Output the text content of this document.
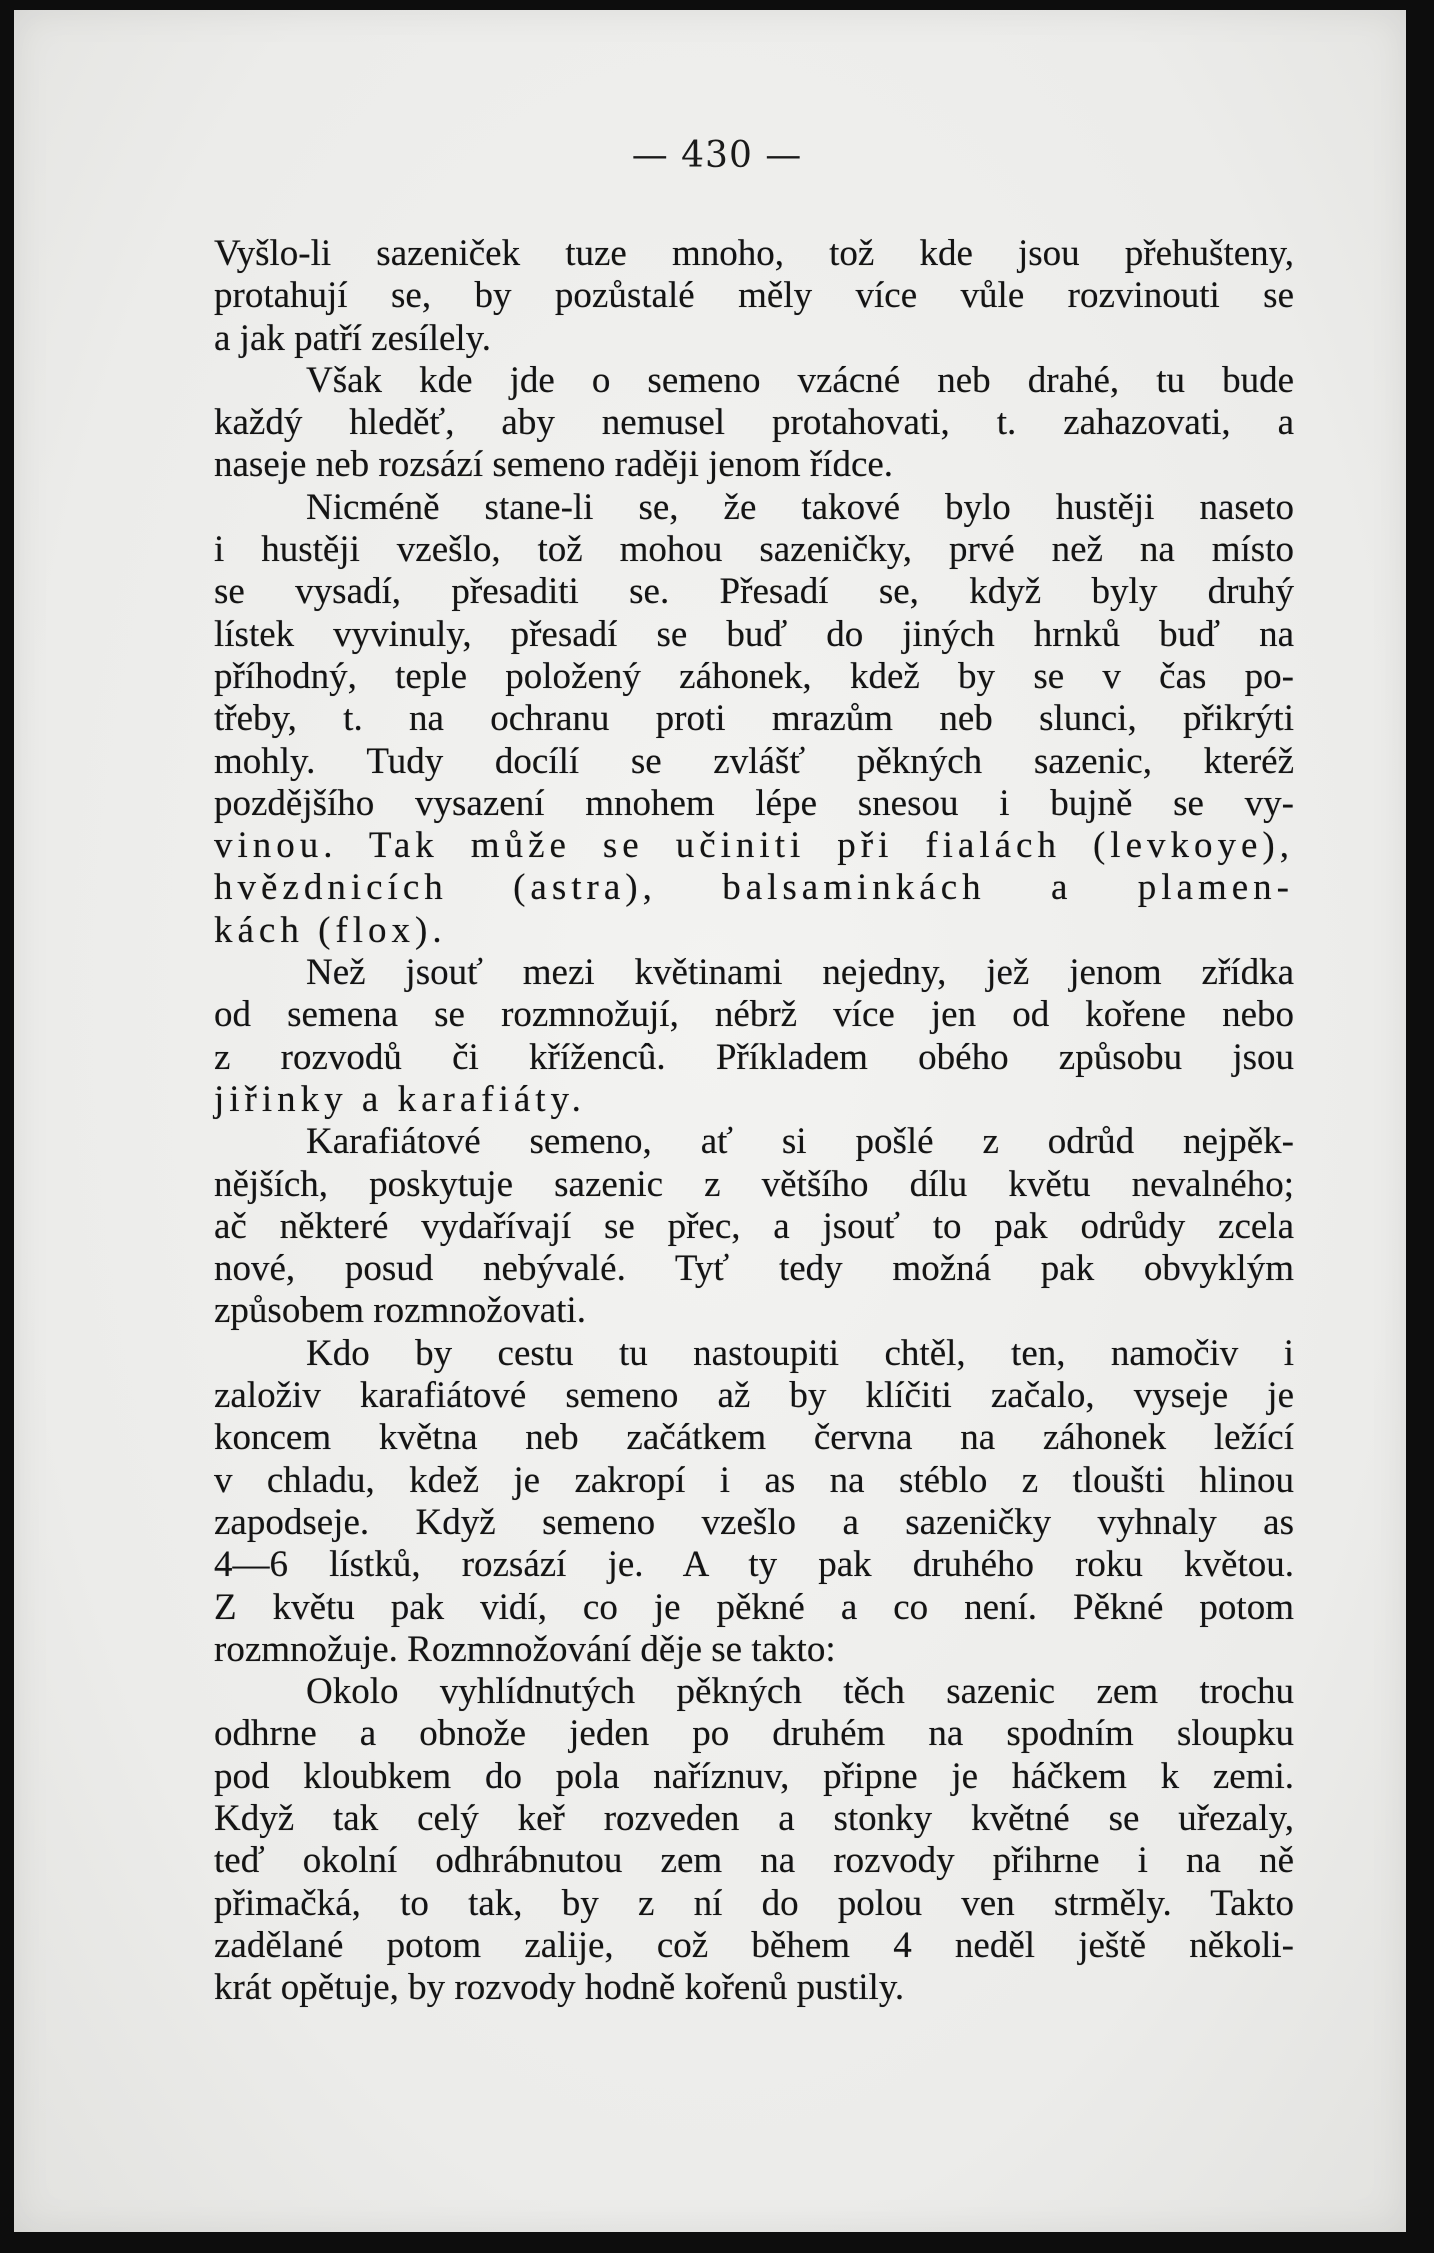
— 430 —
Vyšlo-li sazeniček tuze mnoho, tož kde jsou přehušteny,
protahují se, by pozůstalé měly více vůle rozvinouti se
a jak patří zesílely.
Však kde jde o semeno vzácné neb drahé, tu bude
každý hleděť, aby nemusel protahovati, t. zahazovati, a
naseje neb rozsází semeno raději jenom řídce.
Nicméně stane-li se, že takové bylo hustěji naseto
i hustěji vzešlo, tož mohou sazeničky, prvé než na místo
se vysadí, přesaditi se. Přesadí se, když byly druhý
lístek vyvinuly, přesadí se buď do jiných hrnků buď na
příhodný, teple položený záhonek, kdež by se v čas po-
třeby, t. na ochranu proti mrazům neb slunci, přikrýti
mohly. Tudy docílí se zvlášť pěkných sazenic, kteréž
pozdějšího vysazení mnohem lépe snesou i bujně se vy-
vinou. Tak může se učiniti při fialách (levkoye),
hvězdnicích (astra), balsaminkách a plamen-
kách (flox).
Než jsouť mezi květinami nejedny, jež jenom zřídka
od semena se rozmnožují, nébrž více jen od kořene nebo
z rozvodů či křížencû. Příkladem obého způsobu jsou
jiřinky a karafiáty.
Karafiátové semeno, ať si pošlé z odrůd nejpěk-
nějších, poskytuje sazenic z většího dílu květu nevalného;
ač některé vydařívají se přec, a jsouť to pak odrůdy zcela
nové, posud nebývalé. Tyť tedy možná pak obvyklým
způsobem rozmnožovati.
Kdo by cestu tu nastoupiti chtěl, ten, namočiv i
založiv karafiátové semeno až by klíčiti začalo, vyseje je
koncem května neb začátkem června na záhonek ležící
v chladu, kdež je zakropí i as na stéblo z tloušti hlinou
zapodseje. Když semeno vzešlo a sazeničky vyhnaly as
4—6 lístků, rozsází je. A ty pak druhého roku květou.
Z květu pak vidí, co je pěkné a co není. Pěkné potom
rozmnožuje. Rozmnožování děje se takto:
Okolo vyhlídnutých pěkných těch sazenic zem trochu
odhrne a obnože jeden po druhém na spodním sloupku
pod kloubkem do pola naříznuv, připne je háčkem k zemi.
Když tak celý keř rozveden a stonky květné se uřezaly,
teď okolní odhrábnutou zem na rozvody přihrne i na ně
přimačká, to tak, by z ní do polou ven strměly. Takto
zadělané potom zalije, což během 4 neděl ještě několi-
krát opětuje, by rozvody hodně kořenů pustily.
